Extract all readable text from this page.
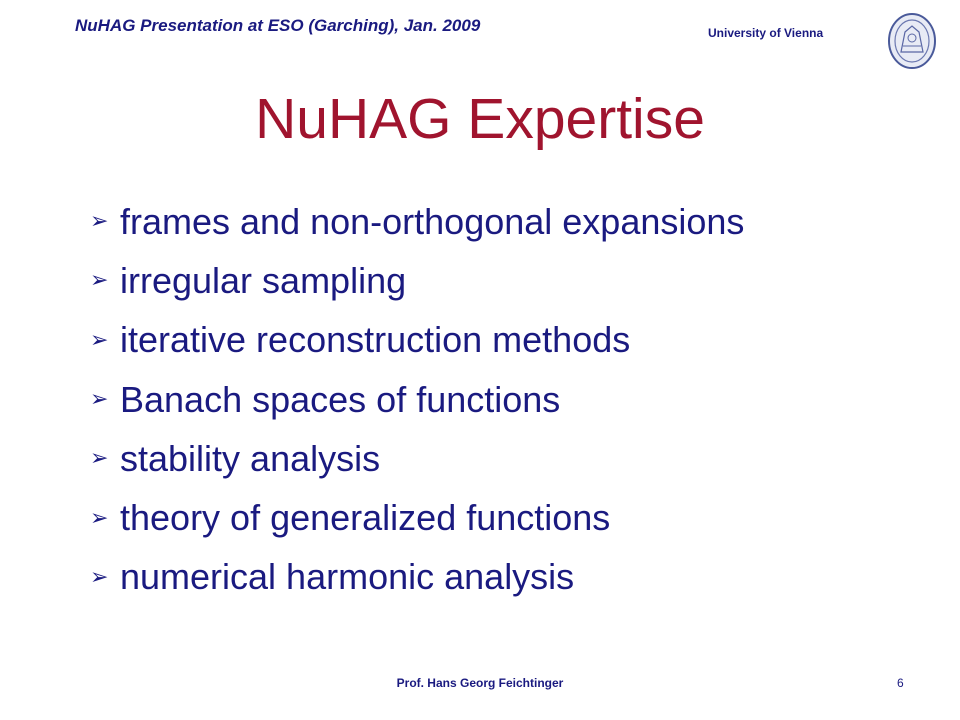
NuHAG Presentation at ESO (Garching), Jan. 2009	University of Vienna
NuHAG Expertise
➢ frames and non-orthogonal expansions
➢ irregular sampling
➢ iterative reconstruction methods
➢ Banach spaces of functions
➢ stability analysis
➢ theory of generalized functions
➢ numerical harmonic analysis
Prof. Hans Georg Feichtinger	6
